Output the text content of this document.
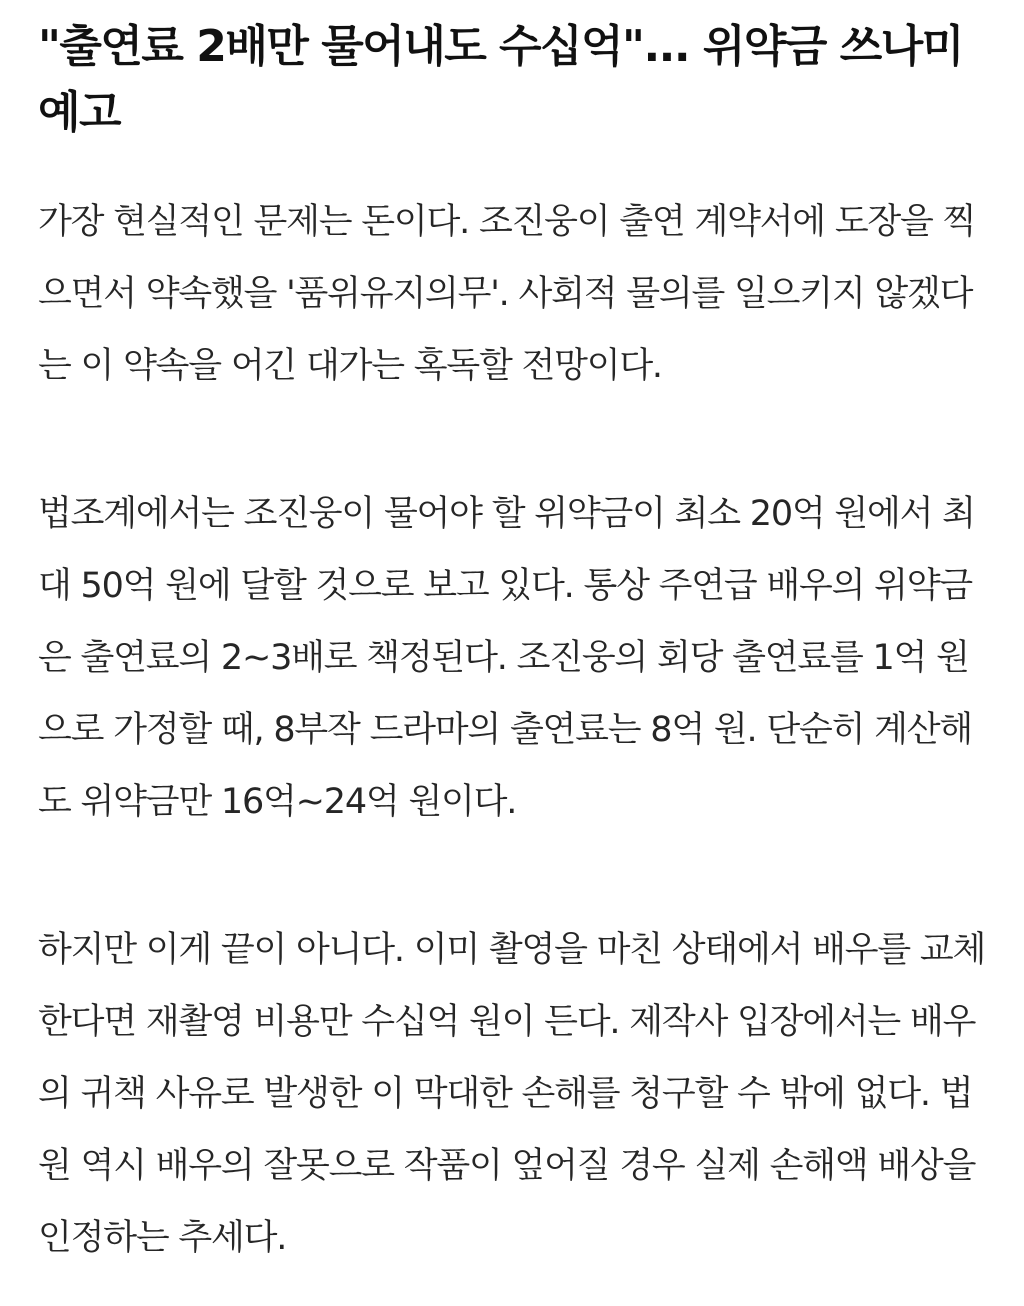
"출연료 2배만 물어내도 수십억"... 위약금 쓰나미 예고

가장 현실적인 문제는 돈이다. 조진웅이 출연 계약서에 도장을 찍으면서 약속했을 '품위유지의무'. 사회적 물의를 일으키지 않겠다는 이 약속을 어긴 대가는 혹독할 전망이다.

법조계에서는 조진웅이 물어야 할 위약금이 최소 20억 원에서 최대 50억 원에 달할 것으로 보고 있다. 통상 주연급 배우의 위약금은 출연료의 2~3배로 책정된다. 조진웅의 회당 출연료를 1억 원으로 가정할 때, 8부작 드라마의 출연료는 8억 원. 단순히 계산해도 위약금만 16억~24억 원이다.

하지만 이게 끝이 아니다. 이미 촬영을 마친 상태에서 배우를 교체한다면 재촬영 비용만 수십억 원이 든다. 제작사 입장에서는 배우의 귀책 사유로 발생한 이 막대한 손해를 청구할 수 밖에 없다. 법원 역시 배우의 잘못으로 작품이 엎어질 경우 실제 손해액 배상을 인정하는 추세다.
